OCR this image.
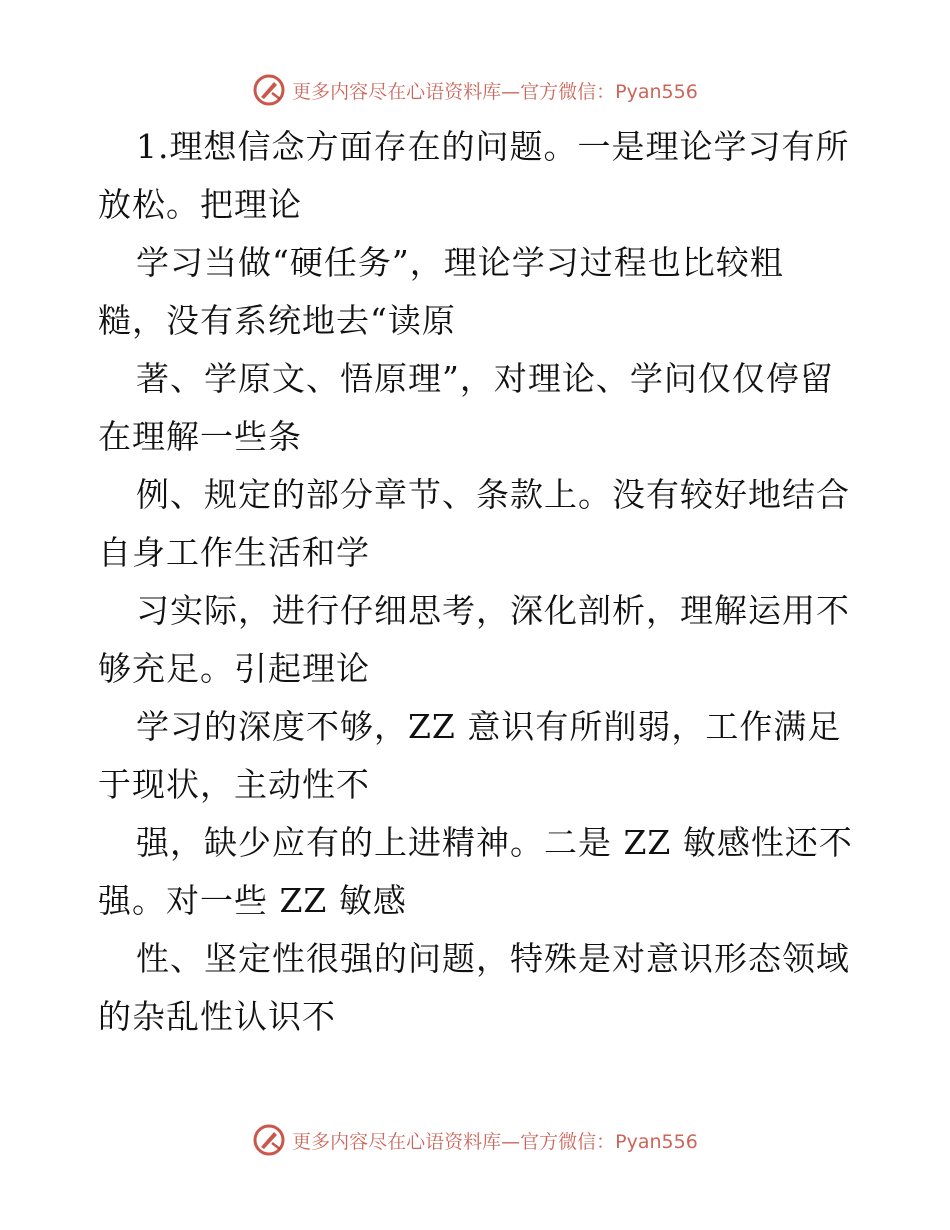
更多内容尽在心语资料库—官方微信：Pyan556
1.理想信念方面存在的问题。一是理论学习有所
放松。把理论
学习当做“硬任务”，理论学习过程也比较粗
糙，没有系统地去“读原
著、学原文、悟原理”，对理论、学问仅仅停留
在理解一些条
例、规定的部分章节、条款上。没有较好地结合
自身工作生活和学
习实际，进行仔细思考，深化剖析，理解运用不
够充足。引起理论
学习的深度不够，ZZ 意识有所削弱，工作满足
于现状，主动性不
强，缺少应有的上进精神。二是 ZZ 敏感性还不
强。对一些 ZZ 敏感
性、坚定性很强的问题，特殊是对意识形态领域
的杂乱性认识不
更多内容尽在心语资料库—官方微信：Pyan556
